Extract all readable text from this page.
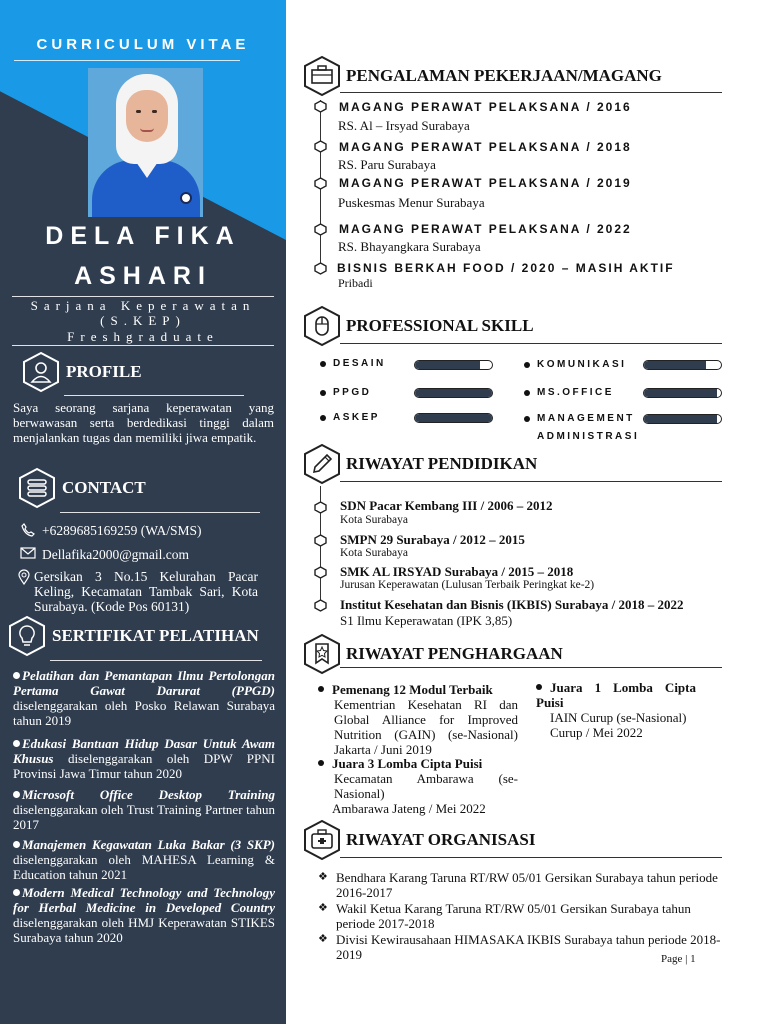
CURRICULUM VITAE
DELA FIKA
ASHARI
Sarjana Keperawatan
(S.KEP)
Freshgraduate
PROFILE
Saya seorang sarjana keperawatan yang berwawasan serta berdedikasi tinggi dalam menjalankan tugas dan memiliki jiwa empatik.
CONTACT
+6289685169259 (WA/SMS)
Dellafika2000@gmail.com
Gersikan 3 No.15 Kelurahan Pacar Keling, Kecamatan Tambak Sari, Kota Surabaya. (Kode Pos 60131)
SERTIFIKAT PELATIHAN
Pelatihan dan Pemantapan Ilmu Pertolongan Pertama Gawat Darurat (PPGD) diselenggarakan oleh Posko Relawan Surabaya tahun 2019
Edukasi Bantuan Hidup Dasar Untuk Awam Khusus diselenggarakan oleh DPW PPNI Provinsi Jawa Timur tahun 2020
Microsoft Office Desktop Training diselenggarakan oleh Trust Training Partner tahun 2017
Manajemen Kegawatan Luka Bakar (3 SKP) diselenggarakan oleh MAHESA Learning & Education tahun 2021
Modern Medical Technology and Technology for Herbal Medicine in Developed Country diselenggarakan oleh HMJ Keperawatan STIKES Surabaya tahun 2020
PENGALAMAN PEKERJAAN/MAGANG
MAGANG PERAWAT PELAKSANA / 2016
RS. Al – Irsyad Surabaya
MAGANG PERAWAT PELAKSANA / 2018
RS. Paru Surabaya
MAGANG PERAWAT PELAKSANA / 2019
Puskesmas Menur Surabaya
MAGANG PERAWAT PELAKSANA / 2022
RS. Bhayangkara Surabaya
BISNIS BERKAH FOOD / 2020 – MASIH AKTIF
Pribadi
PROFESSIONAL SKILL
DESAIN	KOMUNIKASI
PPGD	MS.OFFICE
ASKEP	MANAGEMENT
ADMINISTRASI
RIWAYAT PENDIDIKAN
SDN Pacar Kembang III / 2006 – 2012
Kota Surabaya
SMPN 29 Surabaya / 2012 – 2015
Kota Surabaya
SMK AL IRSYAD Surabaya / 2015 – 2018
Jurusan Keperawatan (Lulusan Terbaik Peringkat ke-2)
Institut Kesehatan dan Bisnis (IKBIS) Surabaya / 2018 – 2022
S1 Ilmu Keperawatan (IPK 3,85)
RIWAYAT PENGHARGAAN
Pemenang 12 Modul Terbaik
Kementrian Kesehatan RI dan Global Alliance for Improved Nutrition (GAIN) (se-Nasional) Jakarta / Juni 2019
Juara 3 Lomba Cipta Puisi
Kecamatan Ambarawa (se-Nasional)
Ambarawa Jateng / Mei 2022
Juara 1 Lomba Cipta Puisi
IAIN Curup (se-Nasional) Curup / Mei 2022
RIWAYAT ORGANISASI
❖ Bendhara Karang Taruna RT/RW 05/01 Gersikan Surabaya tahun periode 2016-2017
❖ Wakil Ketua Karang Taruna RT/RW 05/01 Gersikan Surabaya tahun periode 2017-2018
❖ Divisi Kewirausahaan HIMASAKA IKBIS Surabaya tahun periode 2018-2019	Page | 1
